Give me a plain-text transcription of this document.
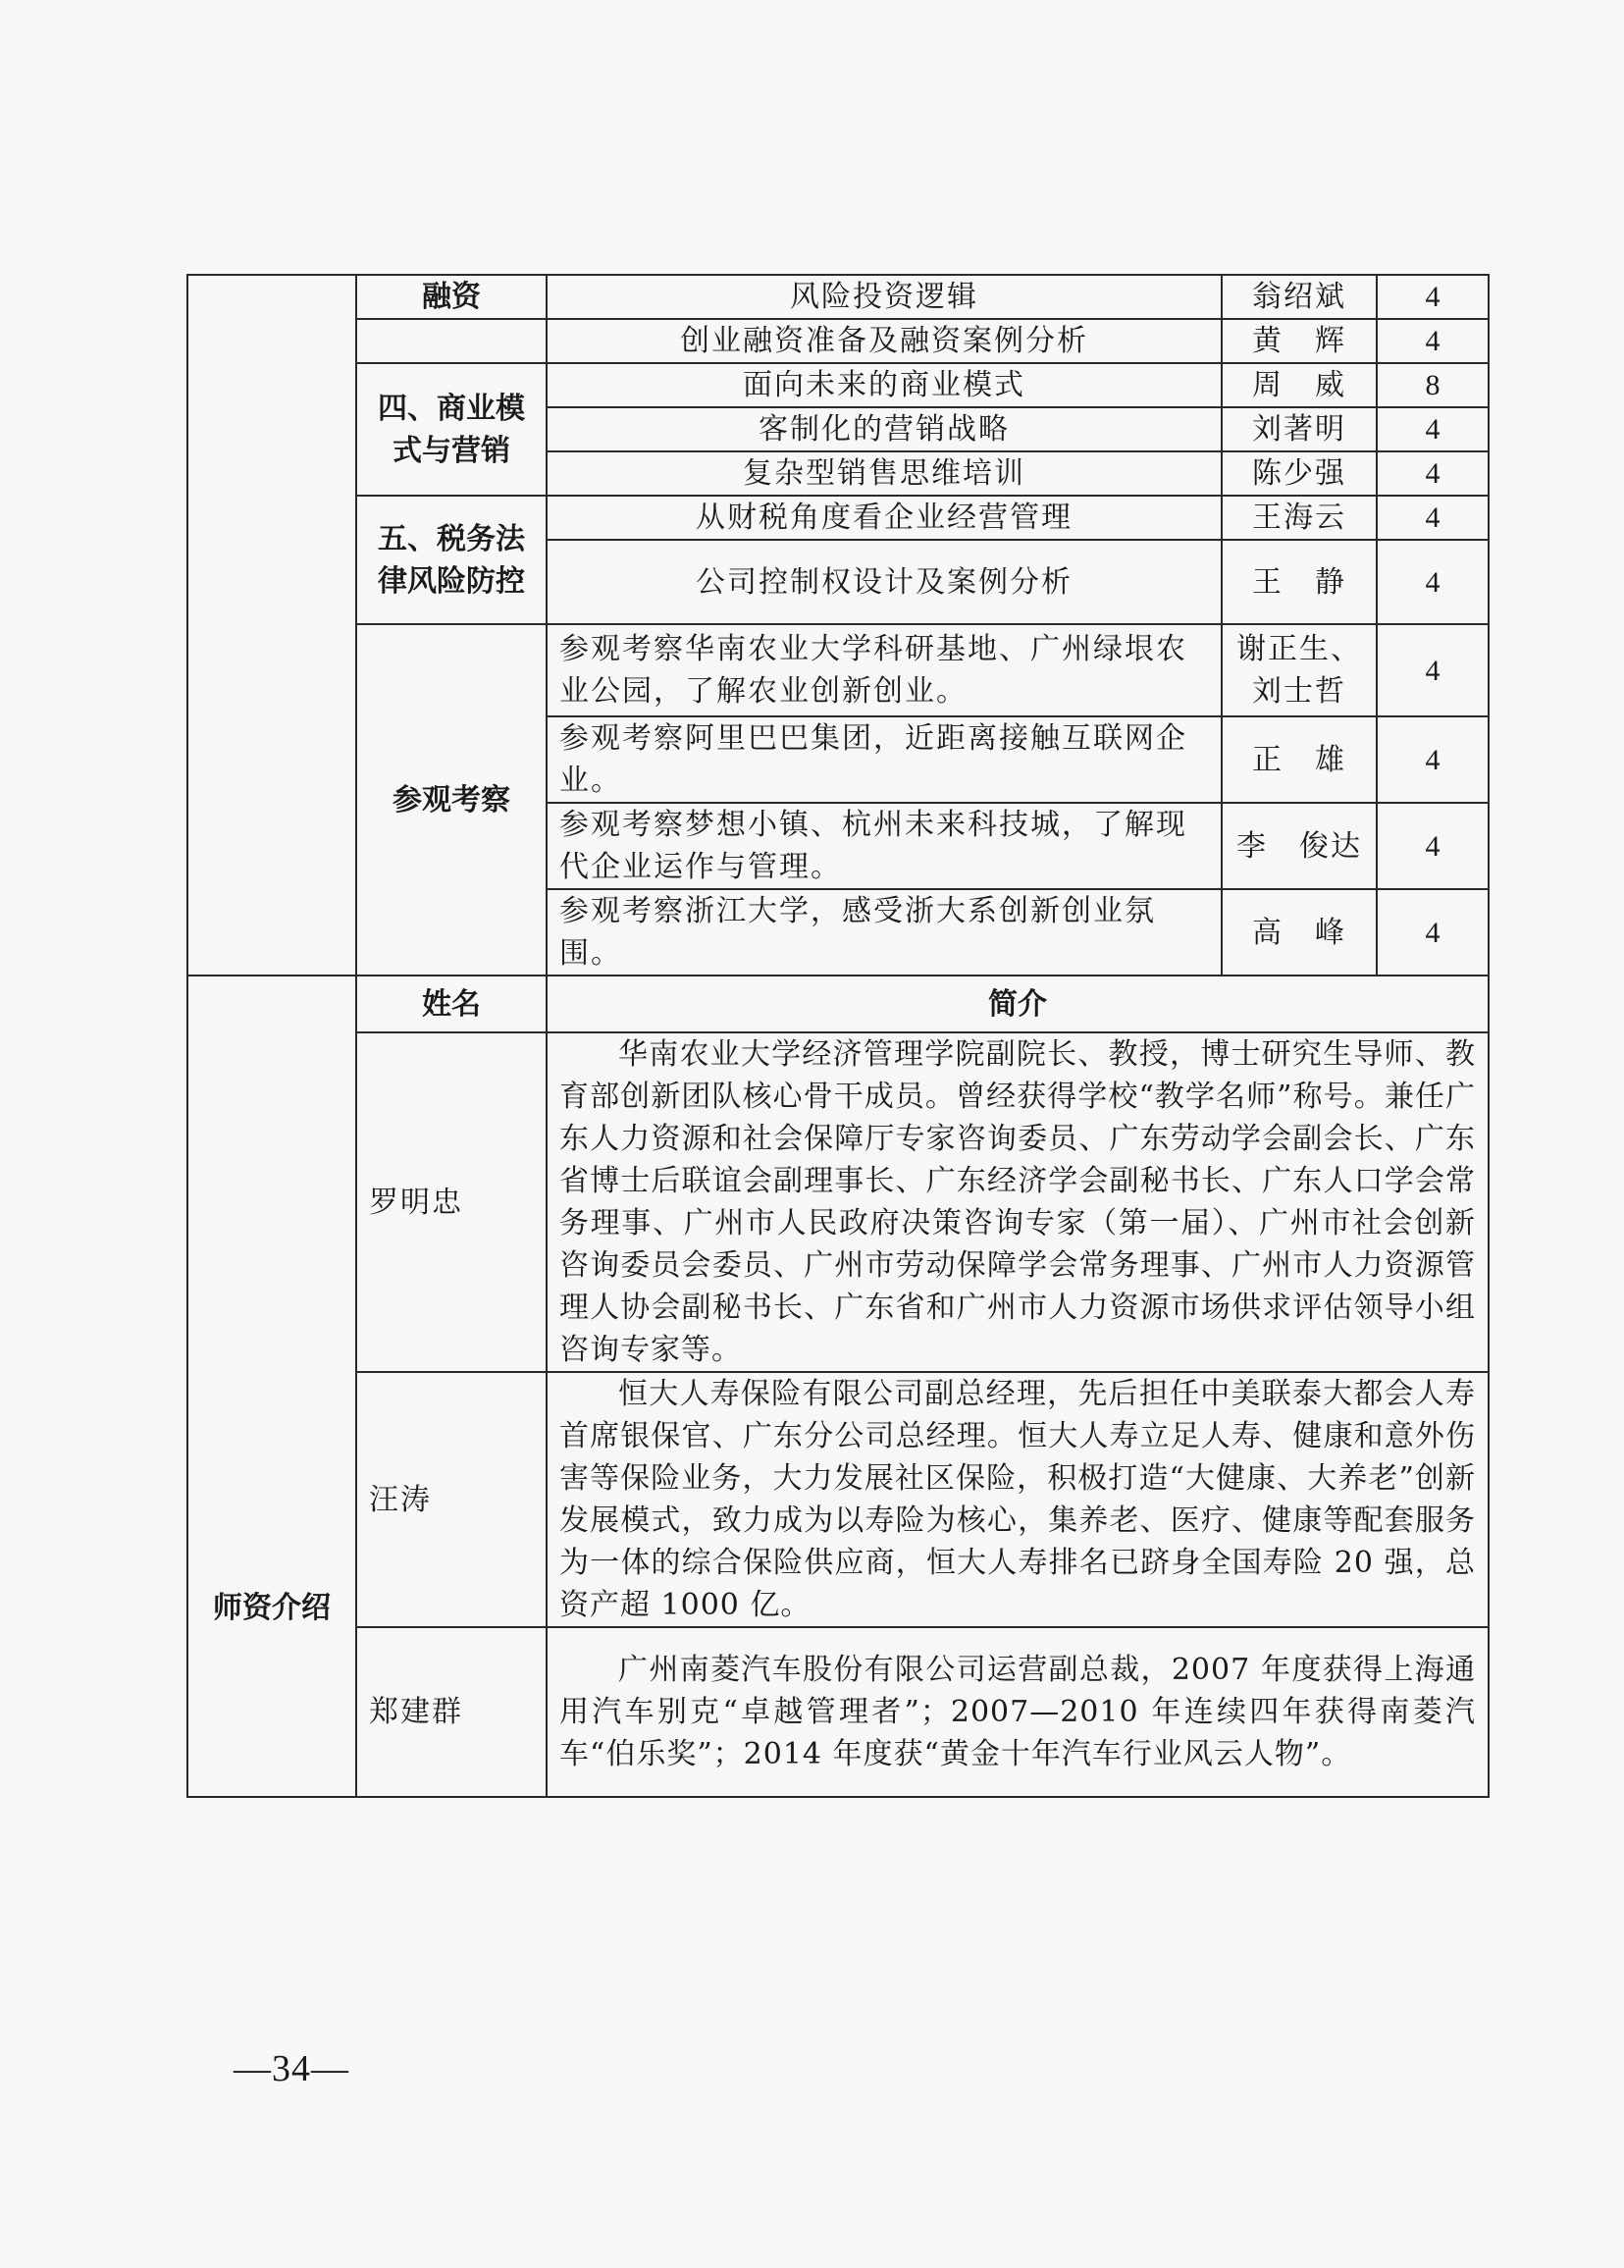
	融资	风险投资逻辑	翁绍斌	4
		创业融资准备及融资案例分析	黄　辉	4
	四、商业模式与营销	面向未来的商业模式	周　威	8
		客制化的营销战略	刘著明	4
		复杂型销售思维培训	陈少强	4
	五、税务法律风险防控	从财税角度看企业经营管理	王海云	4
		公司控制权设计及案例分析	王　静	4
	参观考察	参观考察华南农业大学科研基地、广州绿垠农业公园，了解农业创新创业。	谢正生、刘士哲	4
		参观考察阿里巴巴集团，近距离接触互联网企业。	正　雄	4
		参观考察梦想小镇、杭州未来科技城，了解现代企业运作与管理。	李　俊达	4
		参观考察浙江大学，感受浙大系创新创业氛围。	高　峰	4
师资介绍	姓名	简介		
	罗明忠	华南农业大学经济管理学院副院长、教授，博士研究生导师、教育部创新团队核心骨干成员。曾经获得学校“教学名师”称号。兼任广东人力资源和社会保障厅专家咨询委员、广东劳动学会副会长、广东省博士后联谊会副理事长、广东经济学会副秘书长、广东人口学会常务理事、广州市人民政府决策咨询专家（第一届）、广州市社会创新咨询委员会委员、广州市劳动保障学会常务理事、广州市人力资源管理人协会副秘书长、广东省和广州市人力资源市场供求评估领导小组咨询专家等。		

	汪涛	恒大人寿保险有限公司副总经理，先后担任中美联泰大都会人寿首席银保官、广东分公司总经理。恒大人寿立足人寿、健康和意外伤害等保险业务，大力发展社区保险，积极打造“大健康、大养老”创新发展模式，致力成为以寿险为核心，集养老、医疗、健康等配套服务为一体的综合保险供应商，恒大人寿排名已跻身全国寿险 20 强，总资产超 1000 亿。		

	郑建群	广州南菱汽车股份有限公司运营副总裁，2007 年度获得上海通用汽车别克“卓越管理者”；2007—2010 年连续四年获得南菱汽车“伯乐奖”；2014 年度获“黄金十年汽车行业风云人物”。		
—34—
